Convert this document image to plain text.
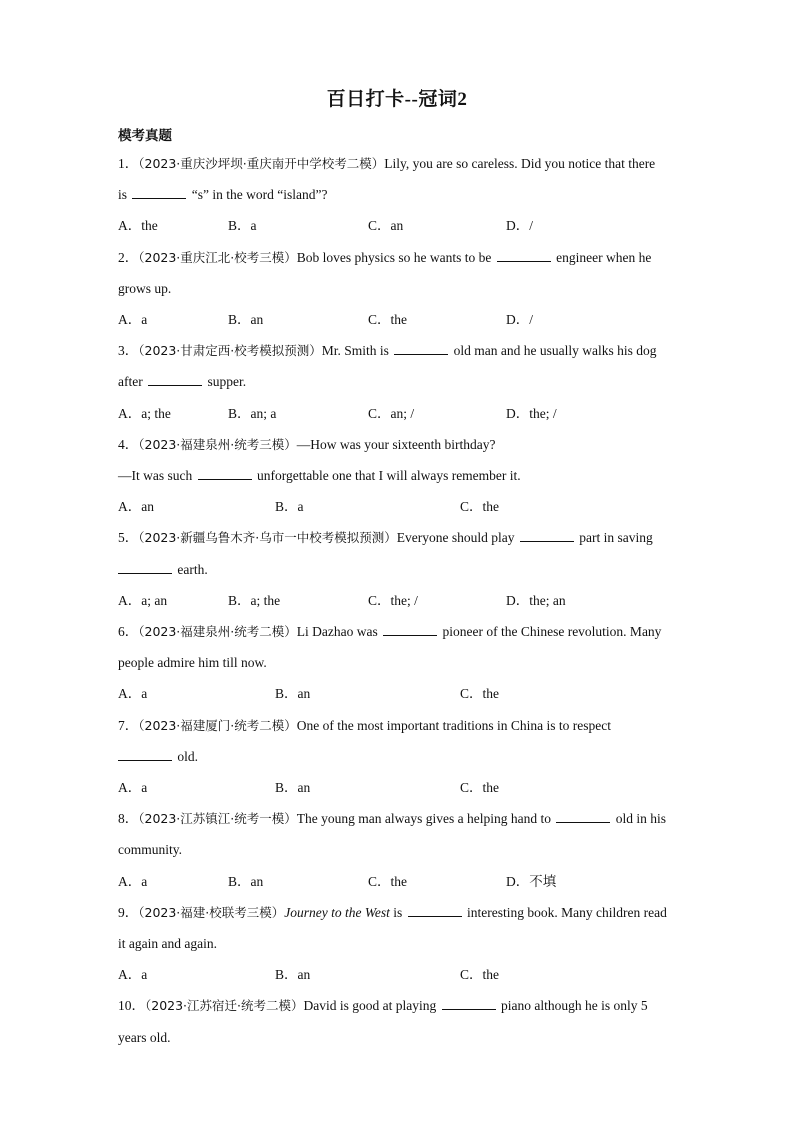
百日打卡--冠词2
模考真题
1．（2023·重庆沙坪坝·重庆南开中学校考二模）Lily, you are so careless. Did you notice that there
is	“s” in the word “island”?
A．the	B．a	C．an	D．/
2．（2023·重庆江北·校考三模）Bob loves physics so he wants to be	engineer when he
grows up.
A．a	B．an	C．the	D．/
3．（2023·甘肃定西·校考模拟预测）Mr. Smith is	old man and he usually walks his dog
after	supper.
A．a; the	B．an; a	C．an; /	D．the; /
4．（2023·福建泉州·统考三模）—How was your sixteenth birthday?
—It was such	unforgettable one that I will always remember it.
A．an	B．a	C．the
5．（2023·新疆乌鲁木齐·乌市一中校考模拟预测）Everyone should play	part in saving
earth.
A．a; an	B．a; the	C．the; /	D．the; an
6．（2023·福建泉州·统考二模）Li Dazhao was	pioneer of the Chinese revolution. Many
people admire him till now.
A．a	B．an	C．the
7．（2023·福建厦门·统考二模）One of the most important traditions in China is to respect
old.
A．a	B．an	C．the
8．（2023·江苏镇江·统考一模）The young man always gives a helping hand to	old in his
community.
A．a	B．an	C．the	D．不填
9．（2023·福建·校联考三模）Journey to the West is	interesting book. Many children read
it again and again.
A．a	B．an	C．the
10．（2023·江苏宿迁·统考二模）David is good at playing	piano although he is only 5
years old.
